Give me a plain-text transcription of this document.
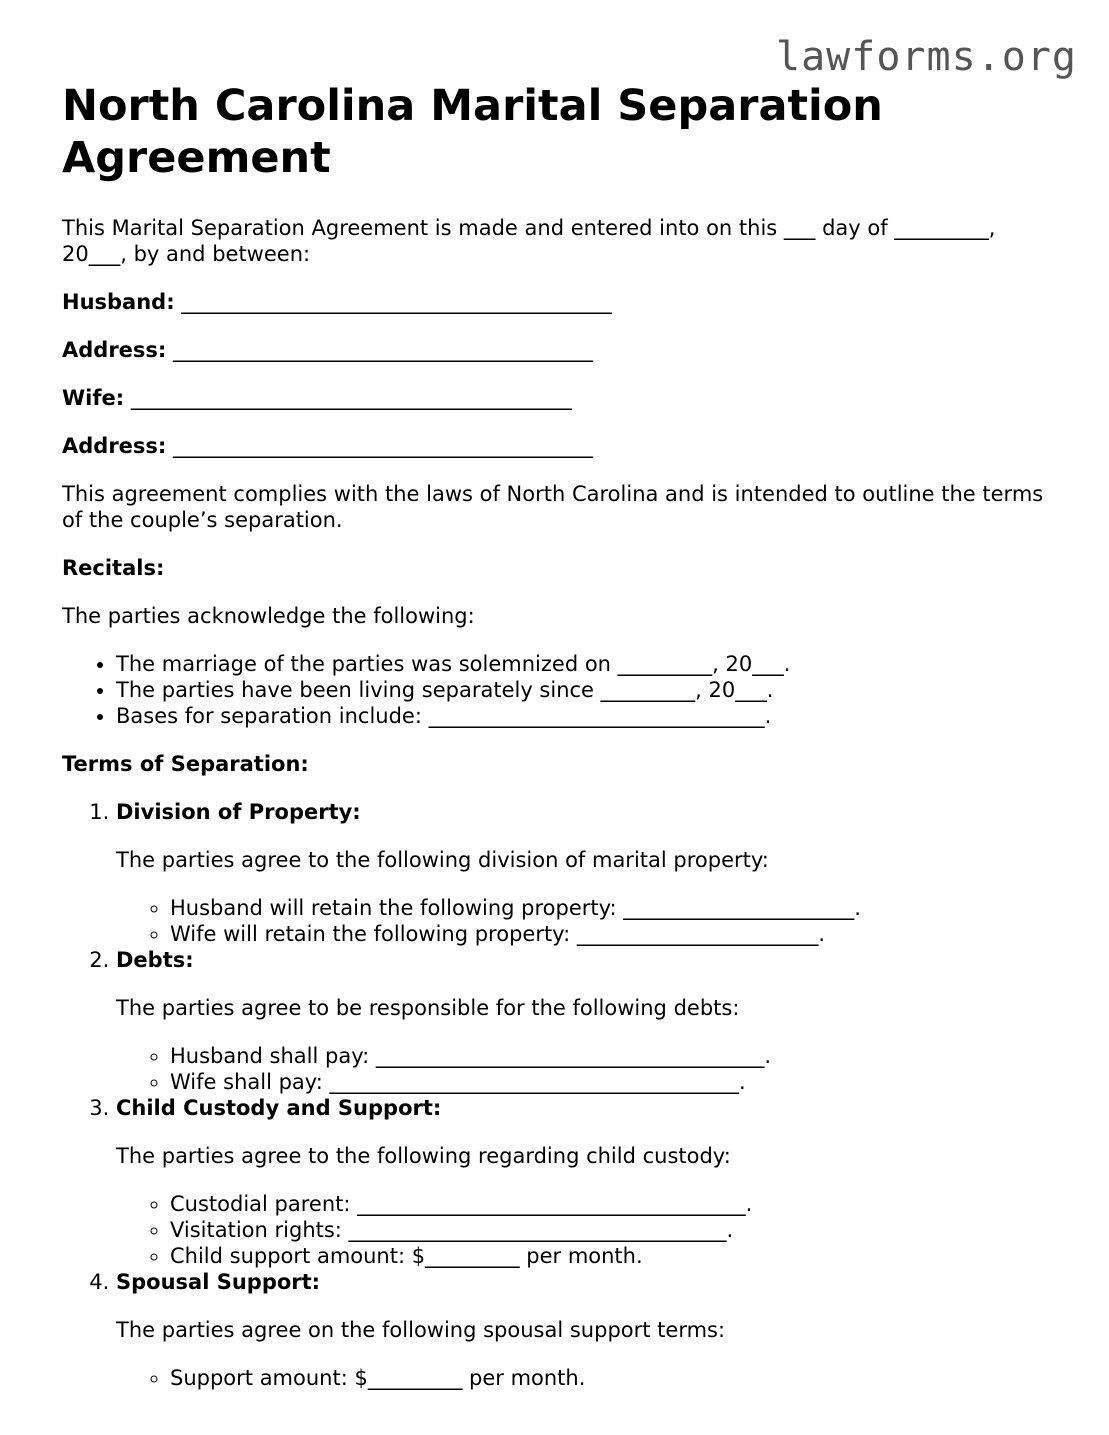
lawforms.org
North Carolina Marital Separation Agreement

This Marital Separation Agreement is made and entered into on this ___ day of _________, 20___, by and between:

Husband: _________________________________________
Address: ________________________________________
Wife: __________________________________________
Address: ________________________________________

This agreement complies with the laws of North Carolina and is intended to outline the terms of the couple’s separation.

Recitals:

The parties acknowledge the following:

• The marriage of the parties was solemnized on _________, 20___.
• The parties have been living separately since _________, 20___.
• Bases for separation include: ________________________________.

Terms of Separation:

1. Division of Property:
The parties agree to the following division of marital property:
◦ Husband will retain the following property: ______________________.
◦ Wife will retain the following property: _______________________.
2. Debts:
The parties agree to be responsible for the following debts:
◦ Husband shall pay: _____________________________________.
◦ Wife shall pay: _______________________________________.
3. Child Custody and Support:
The parties agree to the following regarding child custody:
◦ Custodial parent: _____________________________________.
◦ Visitation rights: ____________________________________.
◦ Child support amount: $_________ per month.
4. Spousal Support:
The parties agree on the following spousal support terms:
◦ Support amount: $_________ per month.
